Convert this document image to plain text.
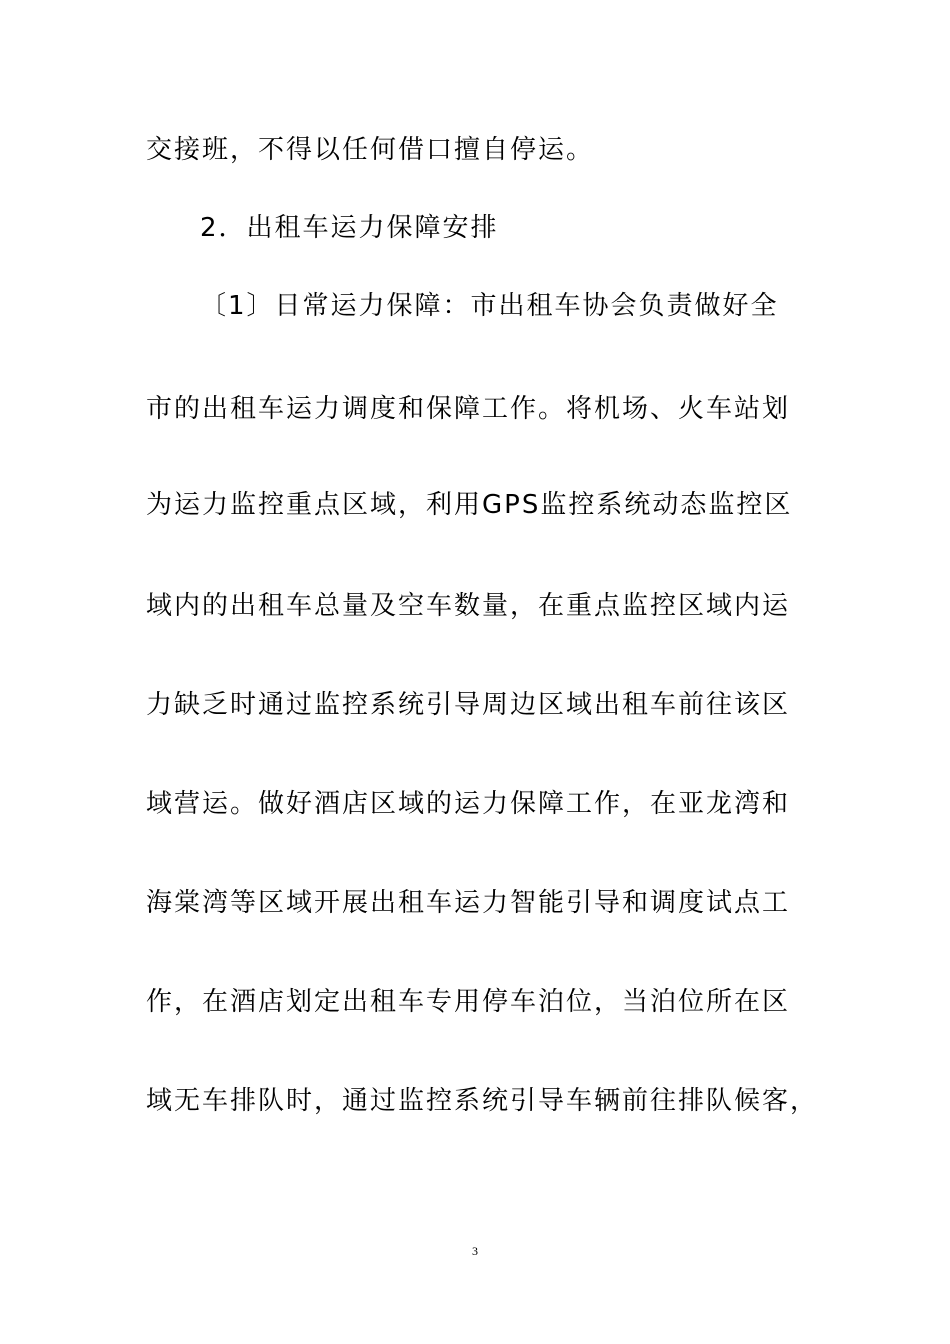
交接班，不得以任何借口擅自停运。
2．出租车运力保障安排
〔1〕日常运力保障：市出租车协会负责做好全
市的出租车运力调度和保障工作。将机场、火车站划
为运力监控重点区域，利用GPS监控系统动态监控区
域内的出租车总量及空车数量，在重点监控区域内运
力缺乏时通过监控系统引导周边区域出租车前往该区
域营运。做好酒店区域的运力保障工作，在亚龙湾和
海棠湾等区域开展出租车运力智能引导和调度试点工
作，在酒店划定出租车专用停车泊位，当泊位所在区
域无车排队时，通过监控系统引导车辆前往排队候客，
3
